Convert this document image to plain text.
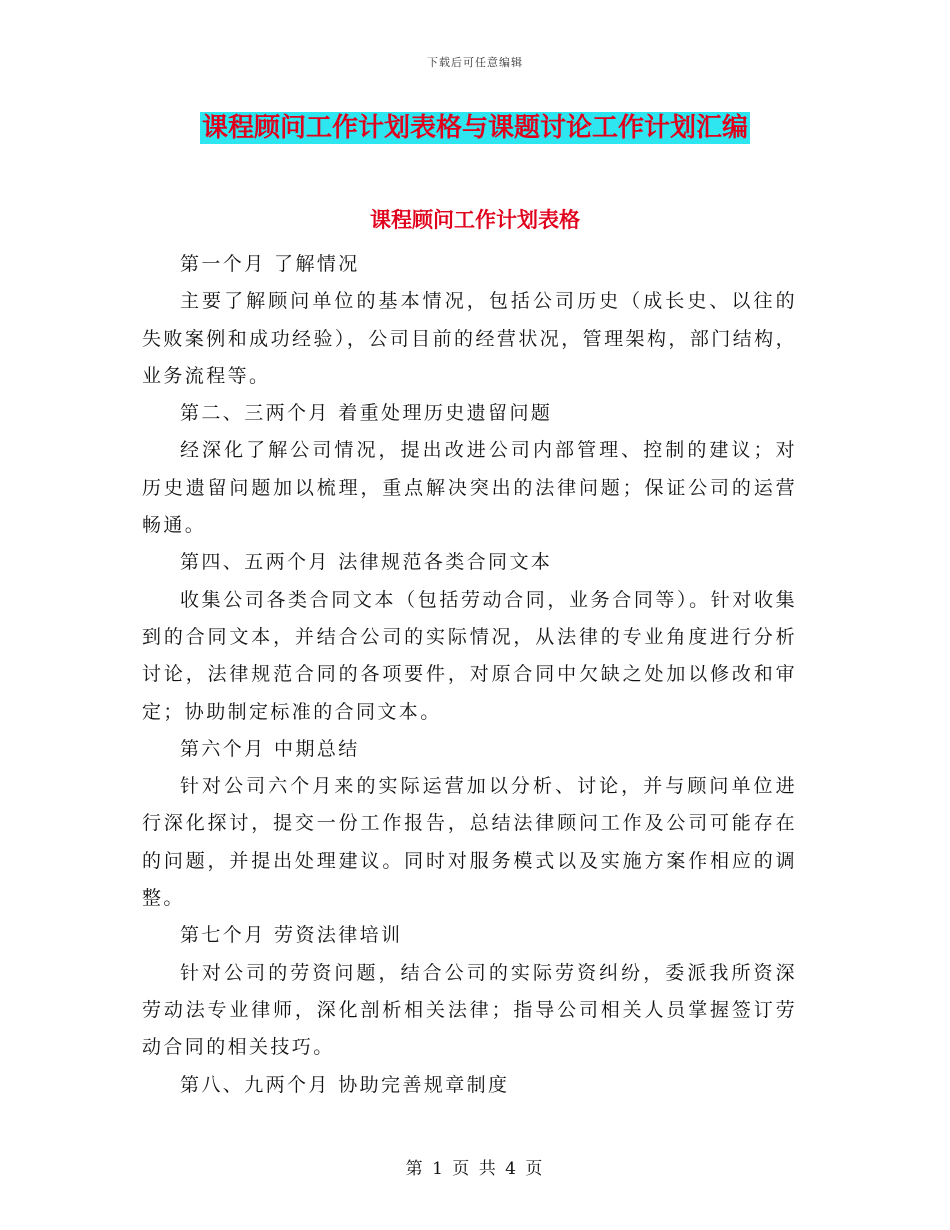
下载后可任意编辑
课程顾问工作计划表格与课题讨论工作计划汇编
课程顾问工作计划表格

第一个月 了解情况

主要了解顾问单位的基本情况，包括公司历史（成长史、以往的失败案例和成功经验），公司目前的经营状况，管理架构，部门结构，业务流程等。

第二、三两个月 着重处理历史遗留问题

经深化了解公司情况，提出改进公司内部管理、控制的建议；对历史遗留问题加以梳理，重点解决突出的法律问题；保证公司的运营畅通。

第四、五两个月 法律规范各类合同文本

收集公司各类合同文本（包括劳动合同，业务合同等）。针对收集到的合同文本，并结合公司的实际情况，从法律的专业角度进行分析讨论，法律规范合同的各项要件，对原合同中欠缺之处加以修改和审定；协助制定标准的合同文本。

第六个月 中期总结

针对公司六个月来的实际运营加以分析、讨论，并与顾问单位进行深化探讨，提交一份工作报告，总结法律顾问工作及公司可能存在的问题，并提出处理建议。同时对服务模式以及实施方案作相应的调整。

第七个月 劳资法律培训

针对公司的劳资问题，结合公司的实际劳资纠纷，委派我所资深劳动法专业律师，深化剖析相关法律；指导公司相关人员掌握签订劳动合同的相关技巧。

第八、九两个月 协助完善规章制度

第 1 页 共 4 页
